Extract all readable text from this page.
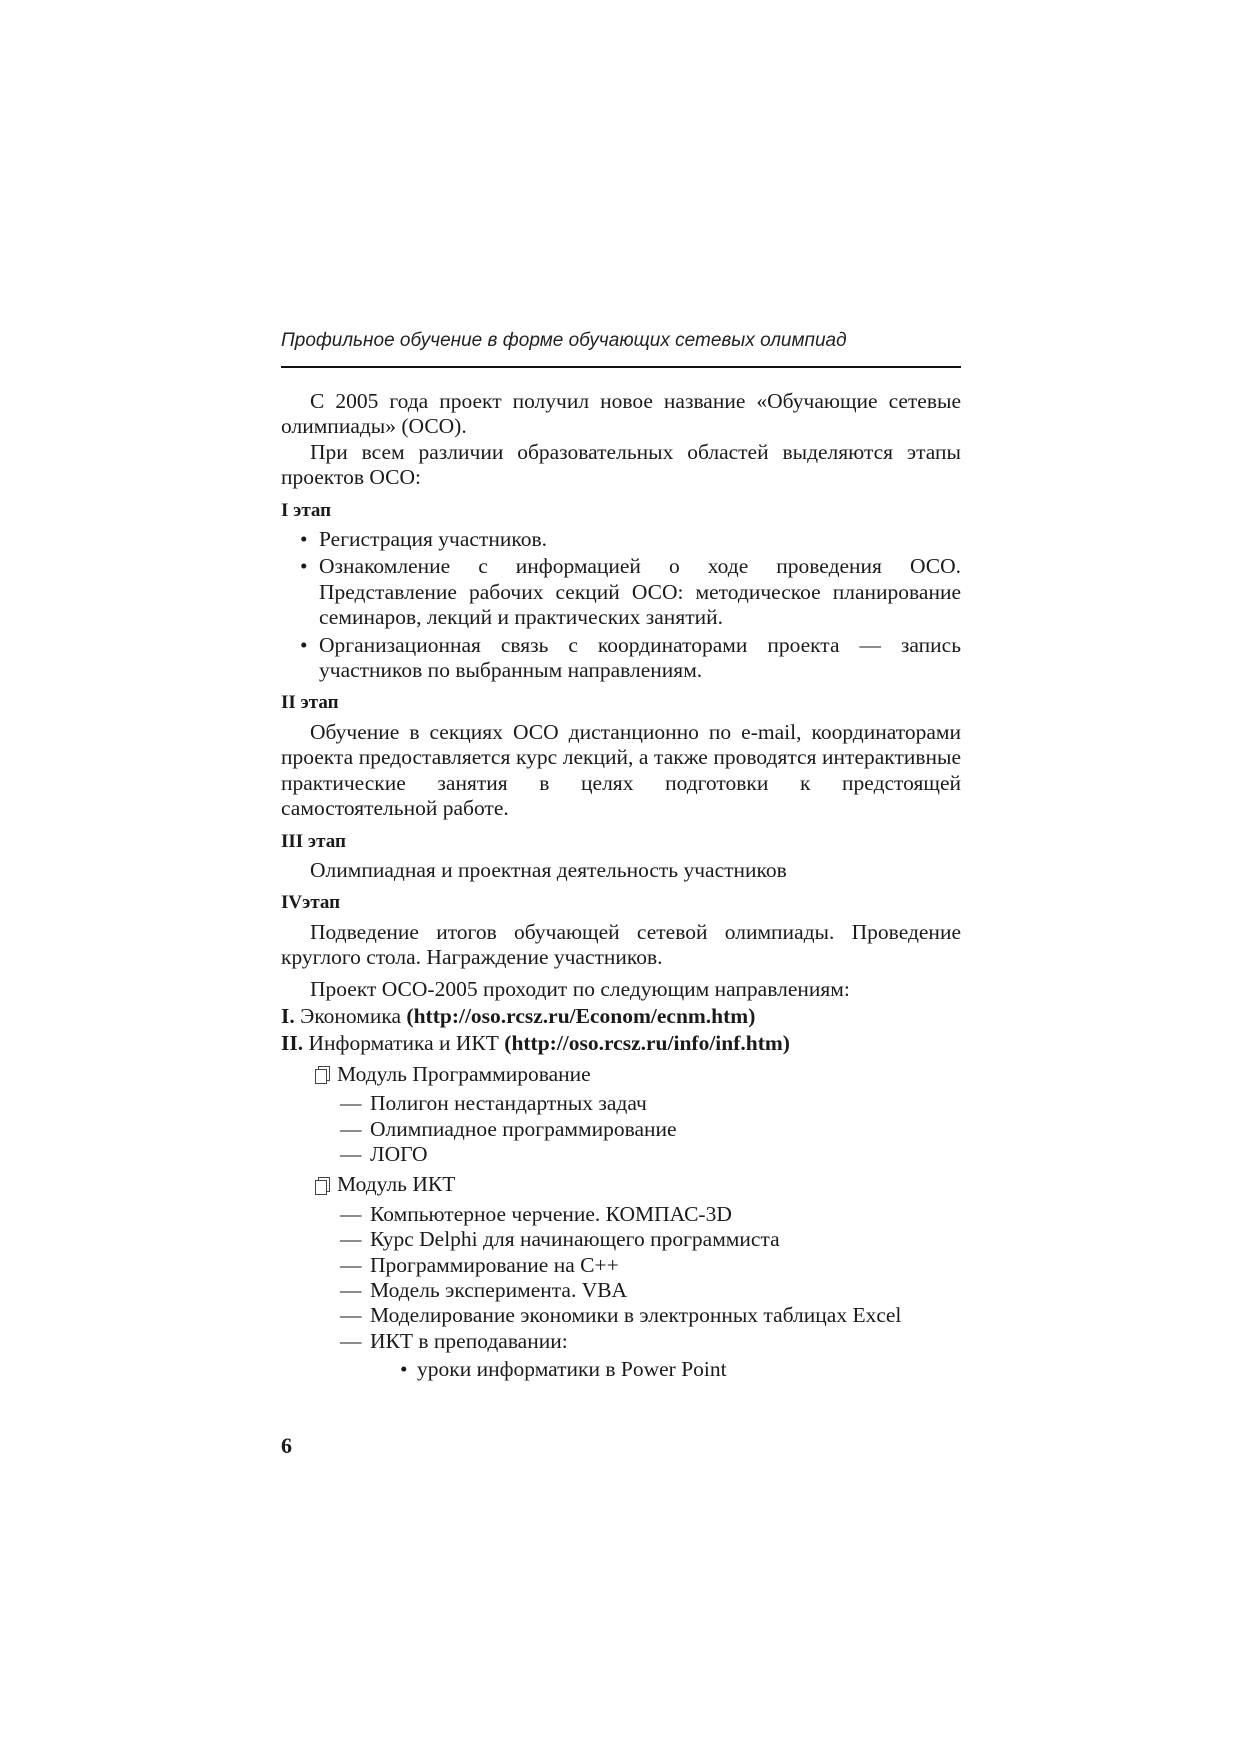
Профильное обучение в форме обучающих сетевых олимпиад

С 2005 года проект получил новое название «Обучающие сетевые олимпиады» (ОСО).

При всем различии образовательных областей выделяются этапы проектов ОСО:

I этап
• Регистрация участников.
• Ознакомление с информацией о ходе проведения ОСО. Представление рабочих секций ОСО: методическое планирование семинаров, лекций и практических занятий.
• Организационная связь с координаторами проекта — запись участников по выбранным направлениям.
II этап

Обучение в секциях ОСО дистанционно по e-mail, координаторами проекта предоставляется курс лекций, а также проводятся интерактивные практические занятия в целях подготовки к предстоящей самостоятельной работе.

III этап

Олимпиадная и проектная деятельность участников

IVэтап

Подведение итогов обучающей сетевой олимпиады. Проведение круглого стола. Награждение участников.

Проект ОСО-2005 проходит по следующим направлениям:

I. Экономика (http://oso.rcsz.ru/Econom/ecnm.htm)
II. Информатика и ИКТ (http://oso.rcsz.ru/info/inf.htm)
Модуль Программирование
— Полигон нестандартных задач
— Олимпиадное программирование
— ЛОГО
Модуль ИКТ
— Компьютерное черчение. КОМПАС-3D
— Курс Delphi для начинающего программиста
— Программирование на С++
— Модель эксперимента. VBA
— Моделирование экономики в электронных таблицах Excel
— ИКТ в преподавании:
• уроки информатики в Power Point
6
